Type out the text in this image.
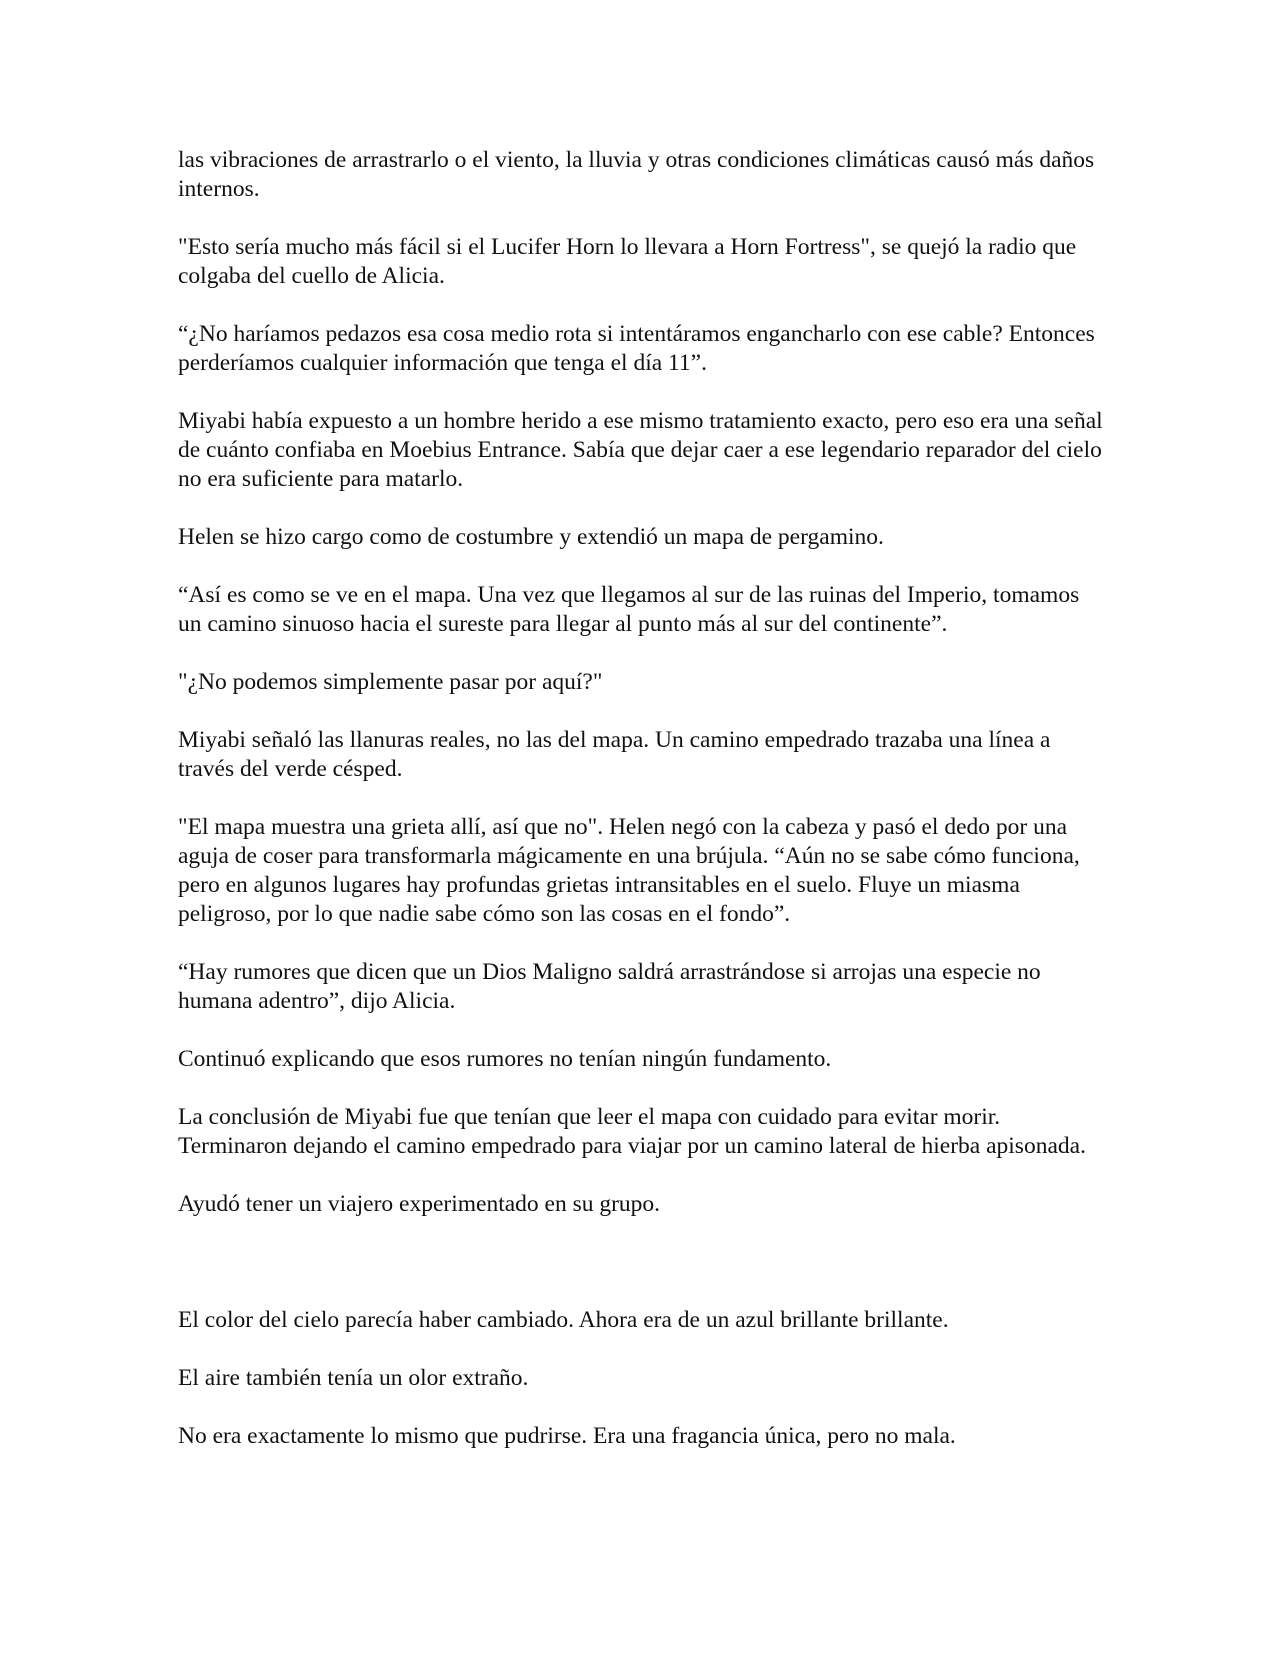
las vibraciones de arrastrarlo o el viento, la lluvia y otras condiciones climáticas causó más daños internos.

"Esto sería mucho más fácil si el Lucifer Horn lo llevara a Horn Fortress", se quejó la radio que colgaba del cuello de Alicia.

“¿No haríamos pedazos esa cosa medio rota si intentáramos engancharlo con ese cable? Entonces perderíamos cualquier información que tenga el día 11”.

Miyabi había expuesto a un hombre herido a ese mismo tratamiento exacto, pero eso era una señal de cuánto confiaba en Moebius Entrance. Sabía que dejar caer a ese legendario reparador del cielo no era suficiente para matarlo.

Helen se hizo cargo como de costumbre y extendió un mapa de pergamino.

“Así es como se ve en el mapa. Una vez que llegamos al sur de las ruinas del Imperio, tomamos un camino sinuoso hacia el sureste para llegar al punto más al sur del continente”.

"¿No podemos simplemente pasar por aquí?"

Miyabi señaló las llanuras reales, no las del mapa. Un camino empedrado trazaba una línea a través del verde césped.

"El mapa muestra una grieta allí, así que no". Helen negó con la cabeza y pasó el dedo por una aguja de coser para transformarla mágicamente en una brújula. “Aún no se sabe cómo funciona, pero en algunos lugares hay profundas grietas intransitables en el suelo. Fluye un miasma peligroso, por lo que nadie sabe cómo son las cosas en el fondo”.

“Hay rumores que dicen que un Dios Maligno saldrá arrastrándose si arrojas una especie no humana adentro”, dijo Alicia.

Continuó explicando que esos rumores no tenían ningún fundamento.

La conclusión de Miyabi fue que tenían que leer el mapa con cuidado para evitar morir. Terminaron dejando el camino empedrado para viajar por un camino lateral de hierba apisonada.

Ayudó tener un viajero experimentado en su grupo.

El color del cielo parecía haber cambiado. Ahora era de un azul brillante brillante.

El aire también tenía un olor extraño.

No era exactamente lo mismo que pudrirse. Era una fragancia única, pero no mala.
